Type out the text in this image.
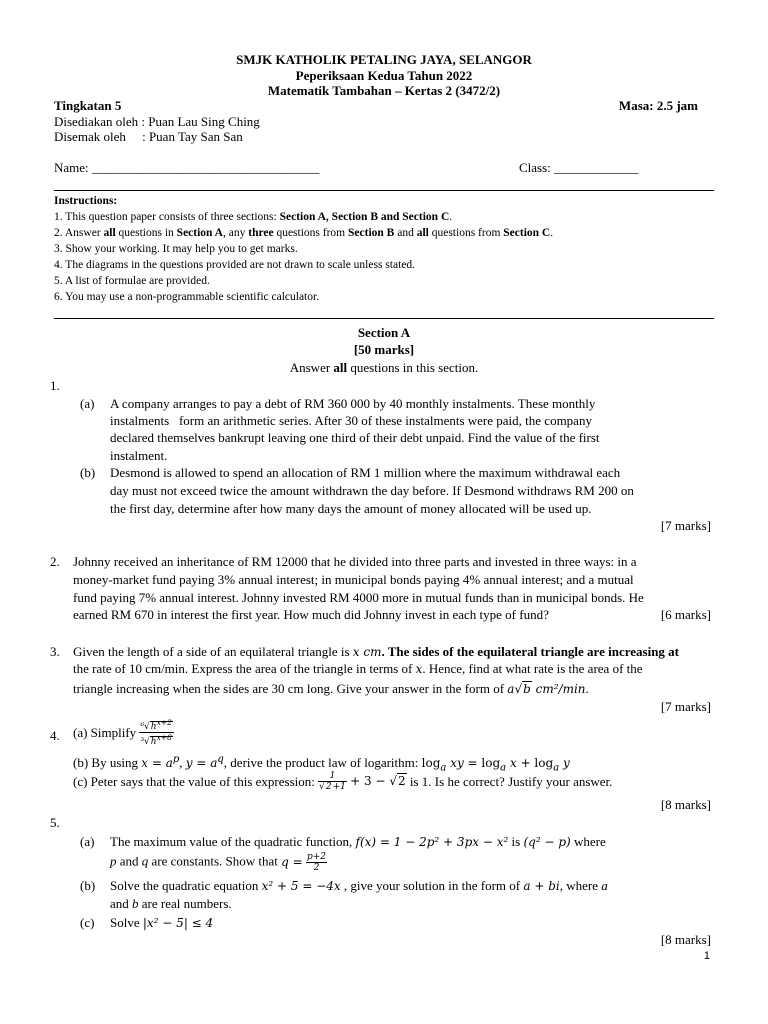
SMJK KATHOLIK PETALING JAYA, SELANGOR
Peperiksaan Kedua Tahun 2022
Matematik Tambahan – Kertas 2 (3472/2)
Tingkatan 5	Masa: 2.5 jam
Disediakan oleh : Puan Lau Sing Ching
Disemak oleh     : Puan Tay San San
Name: ___________________________________	Class: _____________
Instructions:
1. This question paper consists of three sections: Section A, Section B and Section C.
2. Answer all questions in Section A, any three questions from Section B and all questions from Section C.
3. Show your working. It may help you to get marks.
4. The diagrams in the questions provided are not drawn to scale unless stated.
5. A list of formulae are provided.
6. You may use a non-programmable scientific calculator.
Section A
[50 marks]
Answer all questions in this section.
1.
(a) A company arranges to pay a debt of RM 360 000 by 40 monthly instalments. These monthly
instalments   form an arithmetic series. After 30 of these instalments were paid, the company
declared themselves bankrupt leaving one third of their debt unpaid. Find the value of the first
instalment.
(b) Desmond is allowed to spend an allocation of RM 1 million where the maximum withdrawal each
day must not exceed twice the amount withdrawn the day before. If Desmond withdraws RM 200 on
the first day, determine after how many days the amount of money allocated will be used up.
[7 marks]
2. Johnny received an inheritance of RM 12000 that he divided into three parts and invested in three ways: in a
money-market fund paying 3% annual interest; in municipal bonds paying 4% annual interest; and a mutual
fund paying 7% annual interest. Johnny invested RM 4000 more in mutual funds than in municipal bonds. He
earned RM 670 in interest the first year. How much did Johnny invest in each type of fund?	[6 marks]
3. Given the length of a side of an equilateral triangle is x cm. The sides of the equilateral triangle are increasing at
the rate of 10 cm/min. Express the area of the triangle in terms of x. Hence, find at what rate is the area of the
triangle increasing when the sides are 30 cm long. Give your answer in the form of a√b cm²/min.
[7 marks]
4. (a) Simplify $\frac{^6√h^{x+2}}{^3√h^{x+8}}$
(b) By using $x = a^p$, $y = a^q$, derive the product law of logarithm: $\log_a$ xy = $\log_a x + \log_a y$
(c) Peter says that the value of this expression: $\frac{1}{√2+1} + 3 - √2$ is 1. Is he correct? Justify your answer.
[8 marks]
5.
(a) The maximum value of the quadratic function, f(x) = 1 − 2p² + 3px − x² is (q² − p) where
p and q are constants. Show that $q = \frac{p+2}{2}$
(b) Solve the quadratic equation x² + 5 = −4x , give your solution in the form of a + bi, where a
and b are real numbers.
(c) Solve |x² − 5| ≤ 4
[8 marks]
1
